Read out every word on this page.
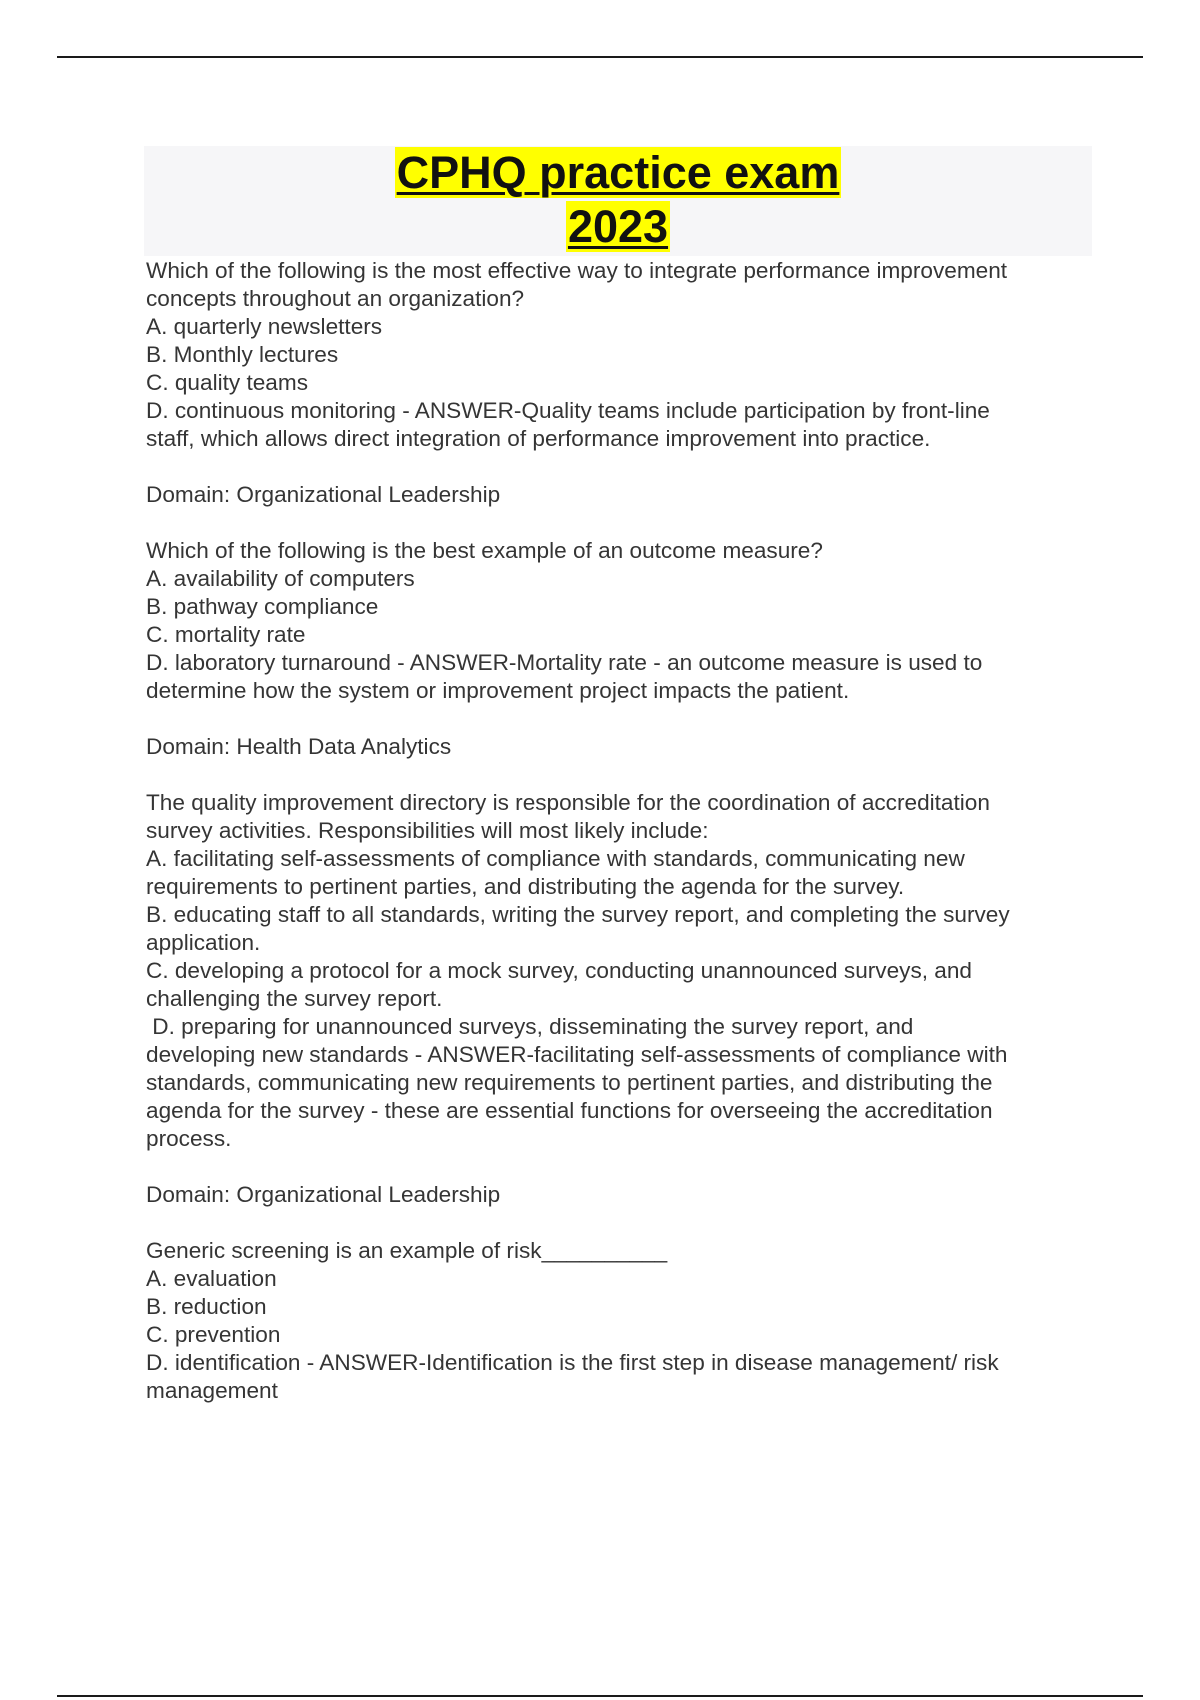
CPHQ practice exam
2023
Which of the following is the most effective way to integrate performance improvement
concepts throughout an organization?
A. quarterly newsletters
B. Monthly lectures
C. quality teams
D. continuous monitoring - ANSWER-Quality teams include participation by front-line
staff, which allows direct integration of performance improvement into practice.
Domain: Organizational Leadership
Which of the following is the best example of an outcome measure?
A. availability of computers
B. pathway compliance
C. mortality rate
D. laboratory turnaround - ANSWER-Mortality rate - an outcome measure is used to
determine how the system or improvement project impacts the patient.
Domain: Health Data Analytics
The quality improvement directory is responsible for the coordination of accreditation
survey activities. Responsibilities will most likely include:
A. facilitating self-assessments of compliance with standards, communicating new
requirements to pertinent parties, and distributing the agenda for the survey.
B. educating staff to all standards, writing the survey report, and completing the survey
application.
C. developing a protocol for a mock survey, conducting unannounced surveys, and
challenging the survey report.
D. preparing for unannounced surveys, disseminating the survey report, and
developing new standards - ANSWER-facilitating self-assessments of compliance with
standards, communicating new requirements to pertinent parties, and distributing the
agenda for the survey - these are essential functions for overseeing the accreditation
process.
Domain: Organizational Leadership
Generic screening is an example of risk__________
A. evaluation
B. reduction
C. prevention
D. identification - ANSWER-Identification is the first step in disease management/ risk
management
